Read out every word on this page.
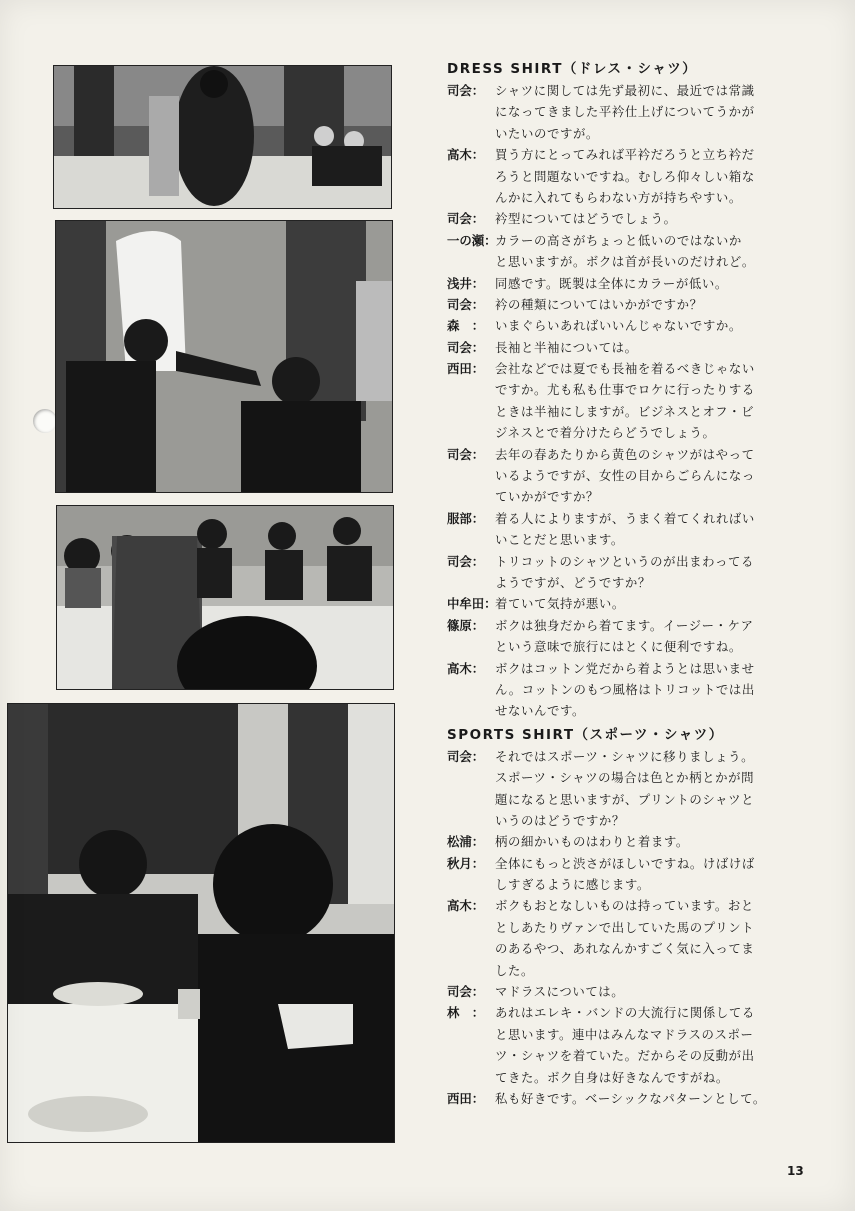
DRESS SHIRT（ドレス・シャツ）
司会： シャツに関しては先ず最初に、最近では常識
になってきました平衿仕上げについてうかが
いたいのですが。
高木： 買う方にとってみれば平衿だろうと立ち衿だ
ろうと問題ないですね。むしろ仰々しい箱な
んかに入れてもらわない方が持ちやすい。
司会： 衿型についてはどうでしょう。
一の瀬：
カラーの高さがちょっと低いのではないか
と思いますが。ボクは首が長いのだけれど。
浅井： 同感です。既製は全体にカラーが低い。
司会： 衿の種類についてはいかがですか？
森　： いまぐらいあればいいんじゃないですか。
司会： 長袖と半袖については。
西田： 会社などでは夏でも長袖を着るべきじゃない
ですか。尤も私も仕事でロケに行ったりする
ときは半袖にしますが。ビジネスとオフ・ビ
ジネスとで着分けたらどうでしょう。
司会： 去年の春あたりから黄色のシャツがはやって
いるようですが、女性の目からごらんになっ
ていかがですか？
服部： 着る人によりますが、うまく着てくれればい
いことだと思います。
司会： トリコットのシャツというのが出まわってる
ようですが、どうですか？
中牟田：
着ていて気持が悪い。
篠原： ボクは独身だから着てます。イージー・ケア
という意味で旅行にはとくに便利ですね。
高木： ボクはコットン党だから着ようとは思いませ
ん。コットンのもつ風格はトリコットでは出
せないんです。
SPORTS SHIRT（スポーツ・シャツ）
司会： それではスポーツ・シャツに移りましょう。
スポーツ・シャツの場合は色とか柄とかが問
題になると思いますが、プリントのシャツと
いうのはどうですか？
松浦： 柄の細かいものはわりと着ます。
秋月： 全体にもっと渋さがほしいですね。けばけば
しすぎるように感じます。
高木： ボクもおとなしいものは持っています。おと
としあたりヴァンで出していた馬のプリント
のあるやつ、あれなんかすごく気に入ってま
した。
司会： マドラスについては。
林　： あれはエレキ・バンドの大流行に関係してる
と思います。連中はみんなマドラスのスポー
ツ・シャツを着ていた。だからその反動が出
てきた。ボク自身は好きなんですがね。
西田： 私も好きです。ベーシックなパターンとして。
13
